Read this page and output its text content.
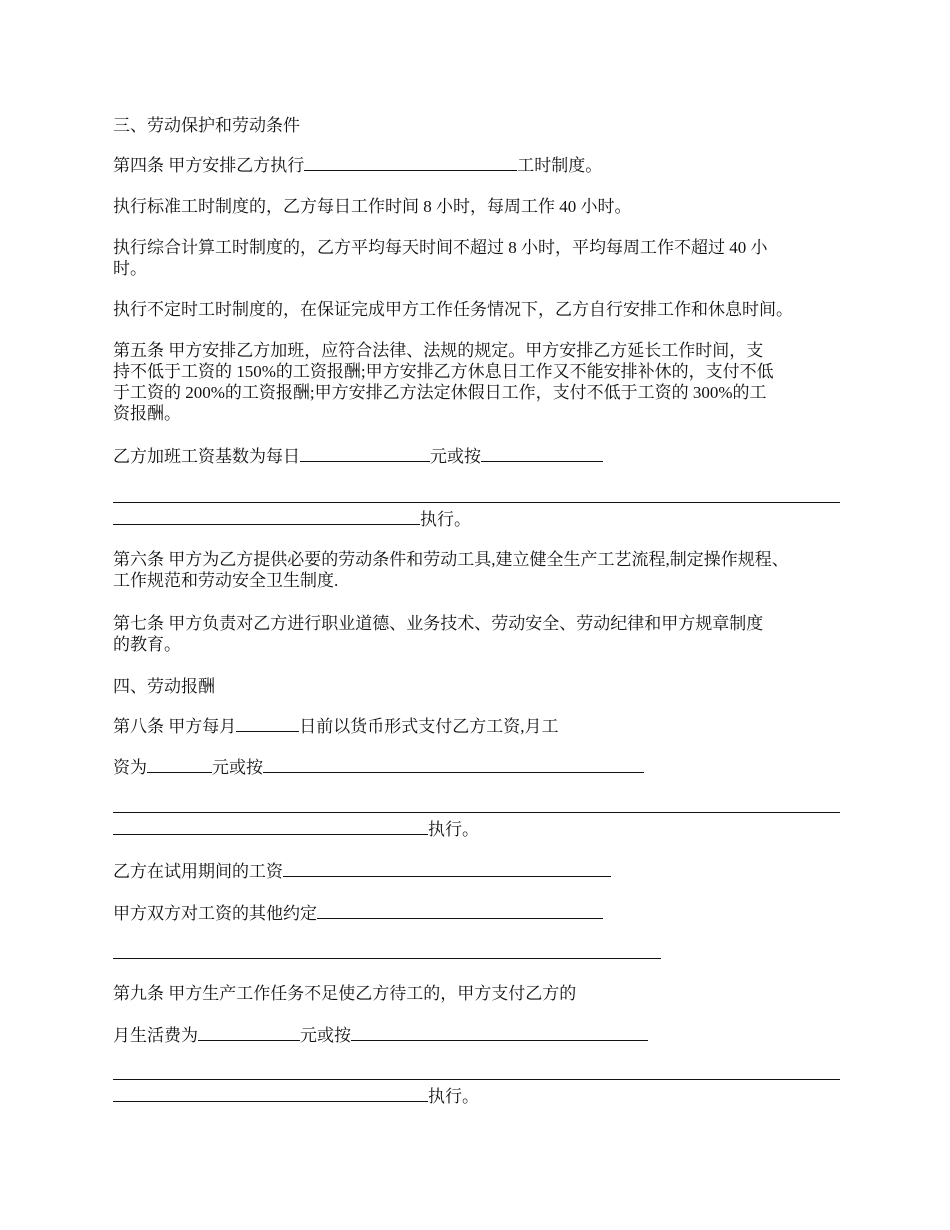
三、劳动保护和劳动条件

第四条 甲方安排乙方执行	工时制度。

执行标准工时制度的，乙方每日工作时间 8 小时，每周工作 40 小时。

执行综合计算工时制度的，乙方平均每天时间不超过 8 小时，平均每周工作不超过 40 小

时。

执行不定时工时制度的，在保证完成甲方工作任务情况下，乙方自行安排工作和休息时间。

第五条 甲方安排乙方加班，应符合法律、法规的规定。甲方安排乙方延长工作时间，支

持不低于工资的 150%的工资报酬;甲方安排乙方休息日工作又不能安排补休的，支付不低

于工资的 200%的工资报酬;甲方安排乙方法定休假日工作，支付不低于工资的 300%的工

资报酬。

乙方加班工资基数为每日	元或按

执行。

第六条 甲方为乙方提供必要的劳动条件和劳动工具,建立健全生产工艺流程,制定操作规程、

工作规范和劳动安全卫生制度.

第七条 甲方负责对乙方进行职业道德、业务技术、劳动安全、劳动纪律和甲方规章制度

的教育。

四、劳动报酬

第八条 甲方每月	日前以货币形式支付乙方工资,月工

资为	元或按

执行。

乙方在试用期间的工资

甲方双方对工资的其他约定

第九条 甲方生产工作任务不足使乙方待工的，甲方支付乙方的

月生活费为	元或按

执行。
